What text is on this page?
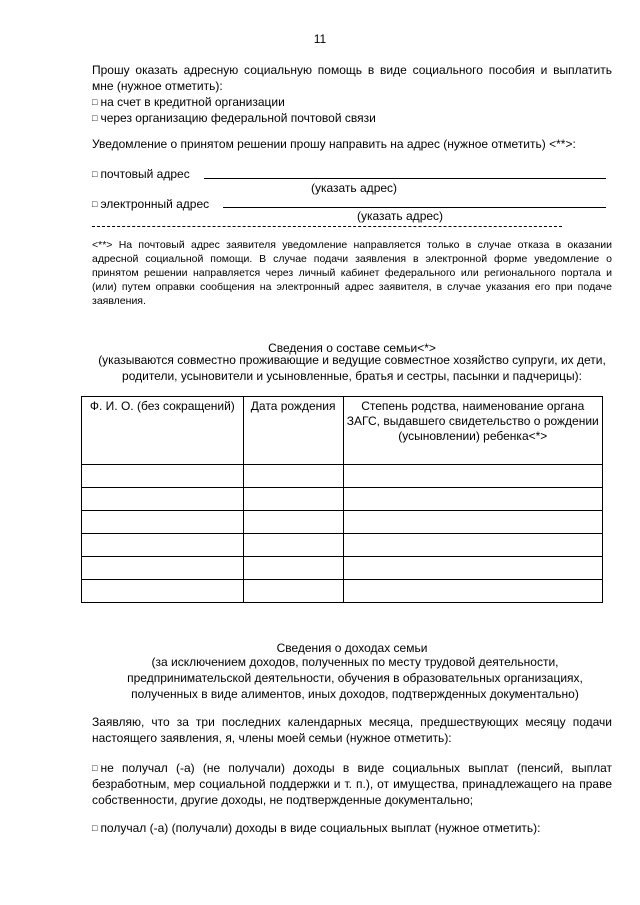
11
Прошу оказать адресную социальную помощь в виде социального пособия и выплатить мне (нужное отметить):
□ на счет в кредитной организации
□ через организацию федеральной почтовой связи
Уведомление о принятом решении прошу направить на адрес (нужное отметить) <**>:
□ почтовый адрес
(указать адрес)
□ электронный адрес
(указать адрес)
<**> На почтовый адрес заявителя уведомление направляется только в случае отказа в оказании адресной социальной помощи. В случае подачи заявления в электронной форме уведомление о принятом решении направляется через личный кабинет федерального или регионального портала и (или) путем оправки сообщения на электронный адрес заявителя, в случае указания его при подаче заявления.
Сведения о составе семьи<*>
(указываются совместно проживающие и ведущие совместное хозяйство супруги, их дети, родители, усыновители и усыновленные, братья и сестры, пасынки и падчерицы):
Ф. И. О. (без сокращений)	Дата рождения	Степень родства, наименование органа ЗАГС, выдавшего свидетельство о рождении (усыновлении) ребенка<*>

Сведения о доходах семьи
(за исключением доходов, полученных по месту трудовой деятельности, предпринимательской деятельности, обучения в образовательных организациях, полученных в виде алиментов, иных доходов, подтвержденных документально)
Заявляю, что за три последних календарных месяца, предшествующих месяцу подачи настоящего заявления, я, члены моей семьи (нужное отметить):
□ не получал (-а) (не получали) доходы в виде социальных выплат (пенсий, выплат безработным, мер социальной поддержки и т. п.), от имущества, принадлежащего на праве собственности, другие доходы, не подтвержденные документально;
□ получал (-а) (получали) доходы в виде социальных выплат (нужное отметить):
